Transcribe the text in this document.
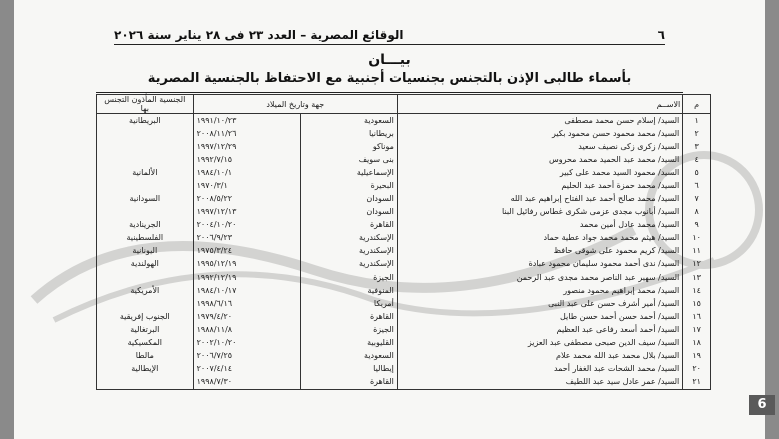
٦
الوقائع المصرية – العدد ٢٣ فى ٢٨ يناير سنة ٢٠٢٦
بيـــان
بأسماء طالبى الإذن بالتجنس بجنسيات أجنبية مع الاحتفاظ بالجنسية المصرية
م	الاســم	جهة وتاريخ الميلاد		الجنسية المأذون التجنس بها
١	السيد/ إسلام حسن محمد مصطفى	السعودية	١٩٩١/١٠/٢٣	البريطانية
٢	السيد/ محمد محمود حسن محمود بكير	بريطانيا	٢٠٠٨/١١/٢٦	
٣	السيد/ زكرى زكى نصيف سعيد	موناكو	١٩٩٧/١٢/٢٩	
٤	السيد/ محمد عبد الحميد محمد محروس	بنى سويف	١٩٩٢/٧/١٥	
٥	السيد/ محمود السيد محمد على كبير	الإسماعيلية	١٩٨٤/١٠/١	الألمانية
٦	السيد/ محمد حمزة أحمد عبد الحليم	البحيرة	١٩٧٠/٣/١	
٧	السيد/ محمد صالح أحمد عبد الفتاح إبراهيم عبد الله	السودان	٢٠٠٨/٥/٢٢	السودانية
٨	السيد/ أبانوب مجدى عزمى شكرى غطاس رفائيل البنا	السودان	١٩٩٧/١٢/١٣	
٩	السيد/ محمد عادل أمين محمد	القاهرة	٢٠٠٤/١٠/٢٠	الجرينادية
١٠	السيد/ هيثم محمد محمد جواد عطية حماد	الإسكندرية	٢٠٠٦/٩/٢٣	الفلسطينية
١١	السيد/ كريم محمود على شوقى حافظ	الإسكندرية	١٩٧٥/٣/٢٤	اليونانية
١٢	السيد/ ندى أحمد محمود سليمان محمود عبادة	الإسكندرية	١٩٩٥/١٢/١٩	الهولندية
١٣	السيد/ سهير عبد الناصر محمد مجدى عبد الرحمن	الجيزة	١٩٩٢/١٢/١٩	
١٤	السيد/ محمد إبراهيم محمود منصور	المنوفية	١٩٨٤/١٠/١٧	الأمريكية
١٥	السيد/ أمير أشرف حسن على عبد النبى	أمريكا	١٩٩٨/٦/١٦	
١٦	السيد/ أحمد حسن أحمد حسن طايل	القاهرة	١٩٧٩/٤/٢٠	الجنوب إفريقية
١٧	السيد/ أحمد أسعد رفاعى عبد العظيم	الجيزة	١٩٨٨/١١/٨	البرتغالية
١٨	السيد/ سيف الدين صبحى مصطفى عبد العزيز	القليوبية	٢٠٠٢/١٠/٢٠	المكسيكية
١٩	السيد/ بلال محمد عبد الله محمد علام	السعودية	٢٠٠٦/٧/٢٥	مالطا
٢٠	السيد/ محمد الشحات عبد الغفار أحمد	إيطاليا	٢٠٠٧/٤/١٤	الإيطالية
٢١	السيد/ عمر عادل سيد عبد اللطيف	القاهرة	١٩٩٨/٧/٣٠	
6
